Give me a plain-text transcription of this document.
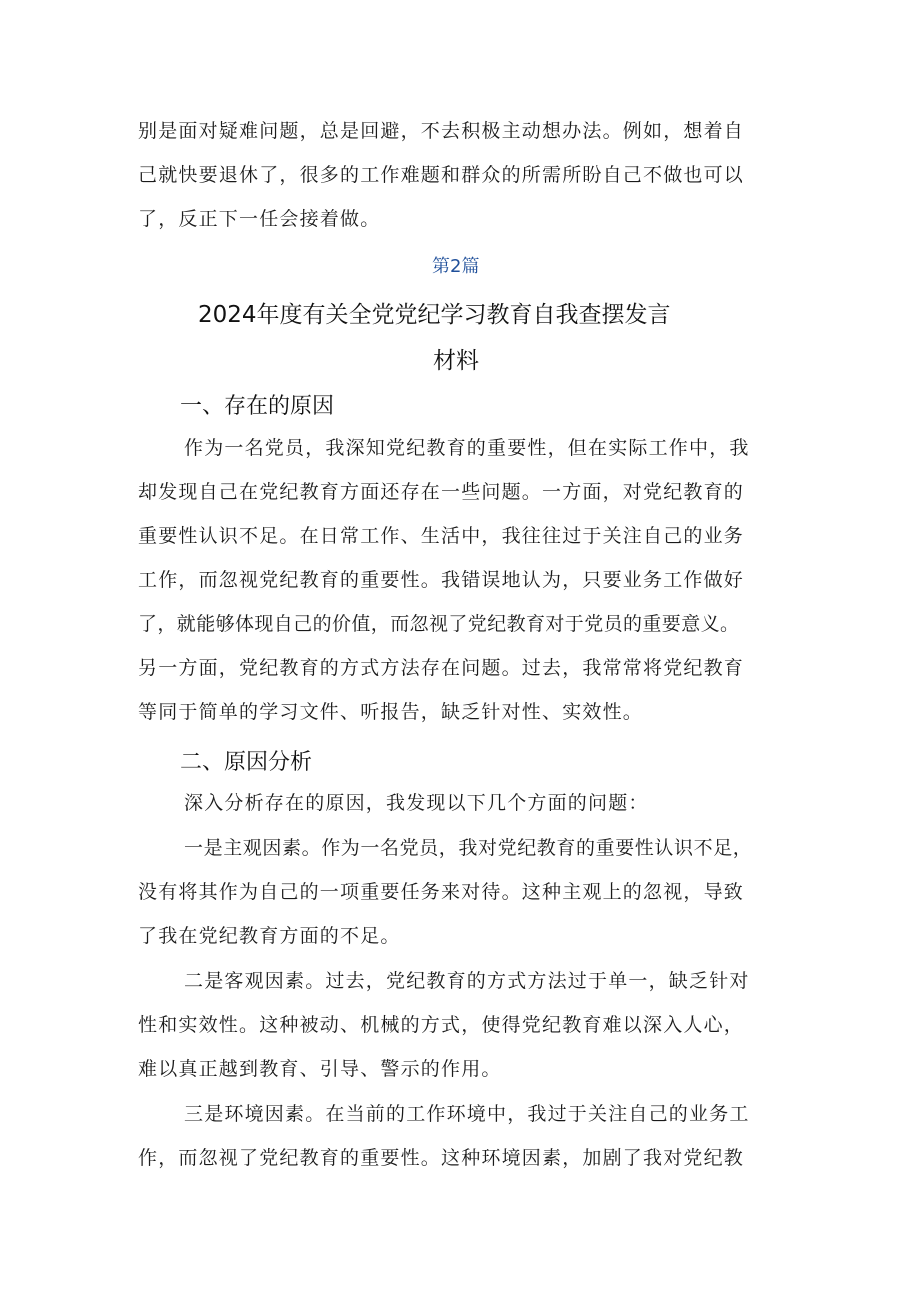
别是面对疑难问题，总是回避，不去积极主动想办法。例如，想着自
己就快要退休了，很多的工作难题和群众的所需所盼自己不做也可以
了，反正下一任会接着做。
第2篇
2024年度有关全党党纪学习教育自我查摆发言
材料
一、存在的原因
作为一名党员，我深知党纪教育的重要性，但在实际工作中，我
却发现自己在党纪教育方面还存在一些问题。一方面，对党纪教育的
重要性认识不足。在日常工作、生活中，我往往过于关注自己的业务
工作，而忽视党纪教育的重要性。我错误地认为，只要业务工作做好
了，就能够体现自己的价值，而忽视了党纪教育对于党员的重要意义。
另一方面，党纪教育的方式方法存在问题。过去，我常常将党纪教育
等同于简单的学习文件、听报告，缺乏针对性、实效性。
二、原因分析
深入分析存在的原因，我发现以下几个方面的问题：
一是主观因素。作为一名党员，我对党纪教育的重要性认识不足，
没有将其作为自己的一项重要任务来对待。这种主观上的忽视，导致
了我在党纪教育方面的不足。
二是客观因素。过去，党纪教育的方式方法过于单一，缺乏针对
性和实效性。这种被动、机械的方式，使得党纪教育难以深入人心，
难以真正越到教育、引导、警示的作用。
三是环境因素。在当前的工作环境中，我过于关注自己的业务工
作，而忽视了党纪教育的重要性。这种环境因素，加剧了我对党纪教
